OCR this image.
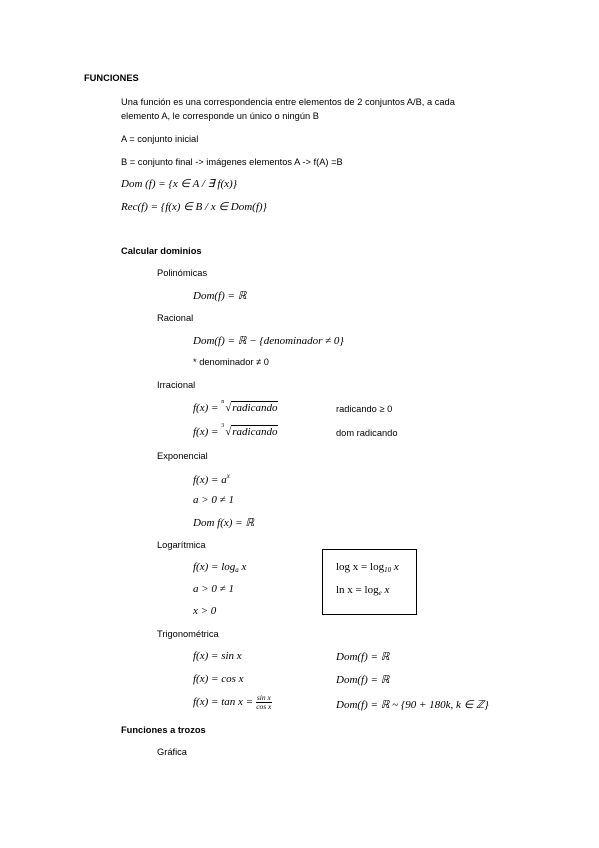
FUNCIONES
Una función es una correspondencia entre elementos de 2 conjuntos A/B, a cada
elemento A, le corresponde un único o ningún B
A = conjunto inicial
B = conjunto final -> imágenes elementos A -> f(A) =B
Dom (f) = {x ∈ A / ∃ f(x)}
Rec(f) = {f(x) ∈ B / x ∈ Dom(f)}
Calcular dominios
Polinómicas
Dom(f) = ℝ
Racional
Dom(f) = ℝ − {denominador ≠ 0}
* denominador ≠ 0
Irracional
f(x) = n √radicando	radicando ≥ 0
f(x) = 3 √radicando	dom radicando
Exponencial
$f(x) = a^x$
a > 0 ≠ 1
Dom f(x) = ℝ
Logarítmica
$f(x) = \log_a x$
a > 0 ≠ 1
x > 0
$\log x = \log_{10} x$
$\ln x = \log_e x$
Trigonométrica
f(x) = sin x	Dom(f) = ℝ
f(x) = cos x	Dom(f) = ℝ
$f(x) = \tan x = \frac{\text{sin x}}{\text{cos x}}$	Dom(f) = ℝ ~ {90 + 180k, k ∈ ℤ}
Funciones a trozos
Gráfica
